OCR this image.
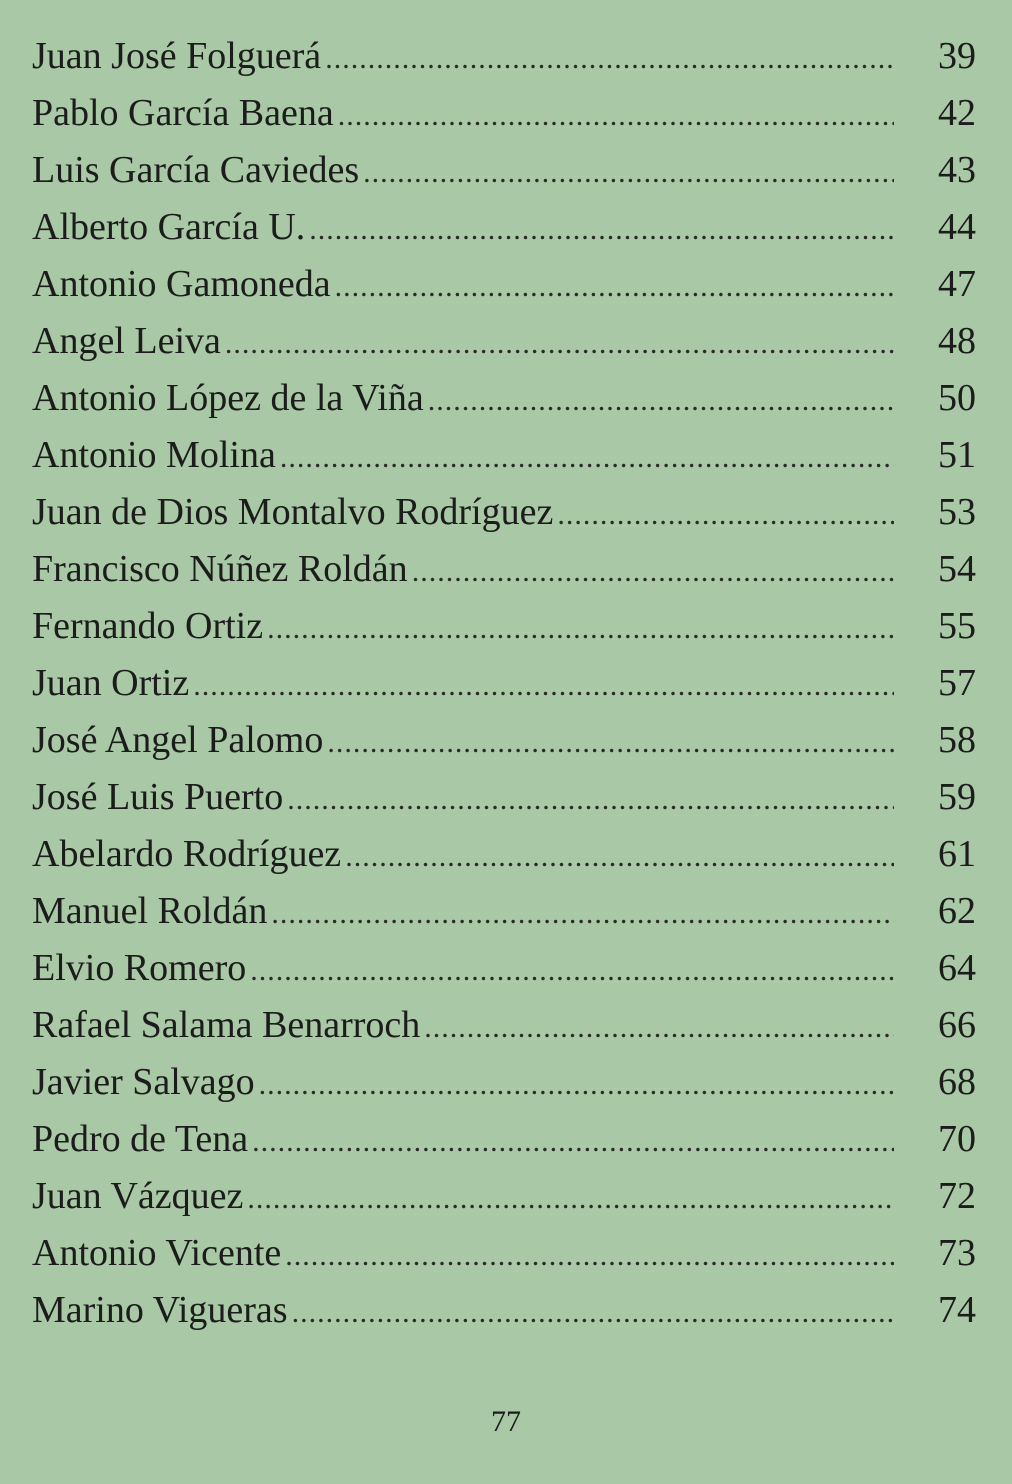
Juan José Folguerá .....	39
Pablo García Baena .....	42
Luis García Caviedes .....	43
Alberto García U. .....	44
Antonio Gamoneda .....	47
Angel Leiva .....	48
Antonio López de la Viña .....	50
Antonio Molina .....	51
Juan de Dios Montalvo Rodríguez .....	53
Francisco Núñez Roldán .....	54
Fernando Ortiz .....	55
Juan Ortiz .....	57
José Angel Palomo .....	58
José Luis Puerto .....	59
Abelardo Rodríguez .....	61
Manuel Roldán .....	62
Elvio Romero .....	64
Rafael Salama Benarroch .....	66
Javier Salvago .....	68
Pedro de Tena .....	70
Juan Vázquez .....	72
Antonio Vicente .....	73
Marino Vigueras .....	74
77
